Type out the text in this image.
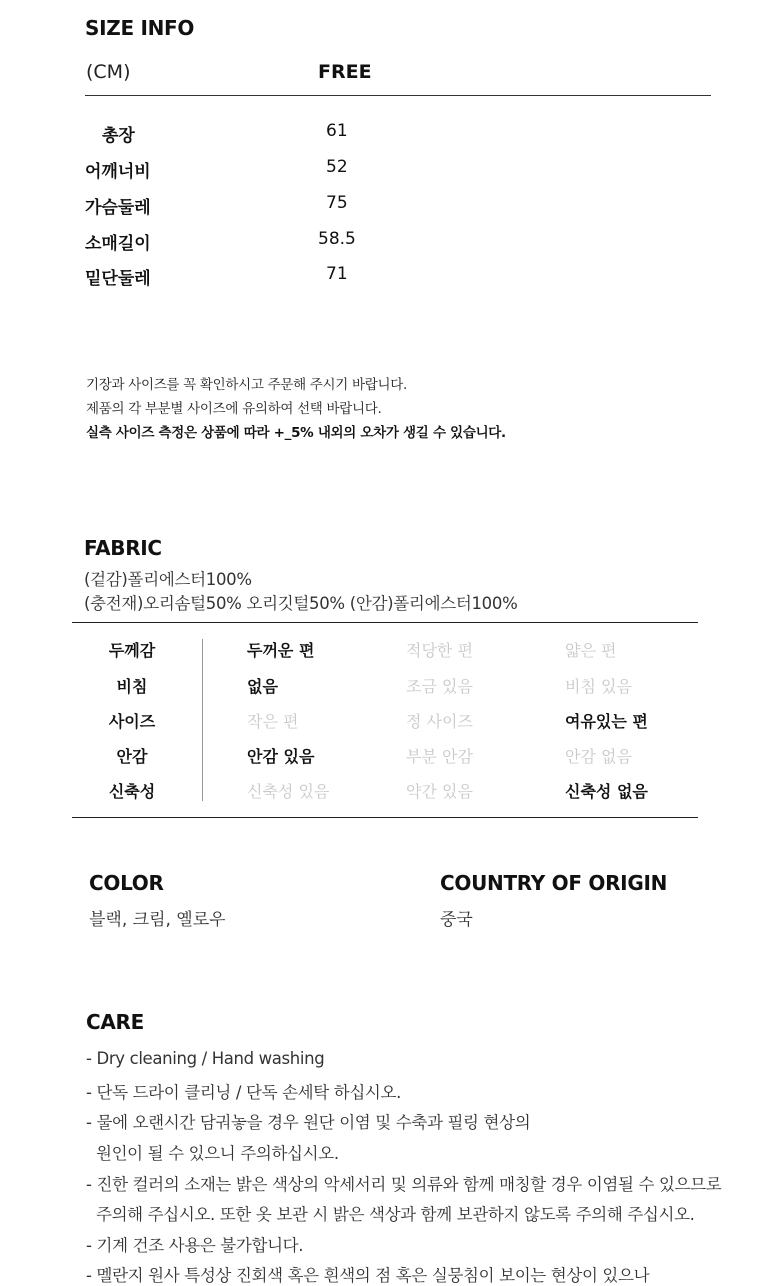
SIZE INFO
(CM)	FREE
총장	61
어깨너비	52
가슴둘레	75
소매길이	58.5
밑단둘레	71
기장과 사이즈를 꼭 확인하시고 주문해 주시기 바랍니다.
제품의 각 부분별 사이즈에 유의하여 선택 바랍니다.
실측 사이즈 측정은 상품에 따라 +_5% 내외의 오차가 생길 수 있습니다.
FABRIC
(겉감)폴리에스터100%
(충전재)오리솜털50% 오리깃털50% (안감)폴리에스터100%
두께감	두꺼운 편	적당한 편	얇은 편
비침	없음	조금 있음	비침 있음
사이즈	작은 편	정 사이즈	여유있는 편
안감	안감 있음	부분 안감	안감 없음
신축성	신축성 있음	약간 있음	신축성 없음
COLOR
블랙, 크림, 옐로우
COUNTRY OF ORIGIN
중국
CARE
- Dry cleaning / Hand washing
- 단독 드라이 클리닝 / 단독 손세탁 하십시오.
- 물에 오랜시간 담궈놓을 경우 원단 이염 및 수축과 필링 현상의
원인이 될 수 있으니 주의하십시오.
- 진한 컬러의 소재는 밝은 색상의 악세서리 및 의류와 함께 매칭할 경우 이염될 수 있으므로
주의해 주십시오. 또한 옷 보관 시 밝은 색상과 함께 보관하지 않도록 주의해 주십시오.
- 기계 건조 사용은 불가합니다.
- 멜란지 원사 특성상 진회색 혹은 흰색의 점 혹은 실뭉침이 보이는 현상이 있으나
